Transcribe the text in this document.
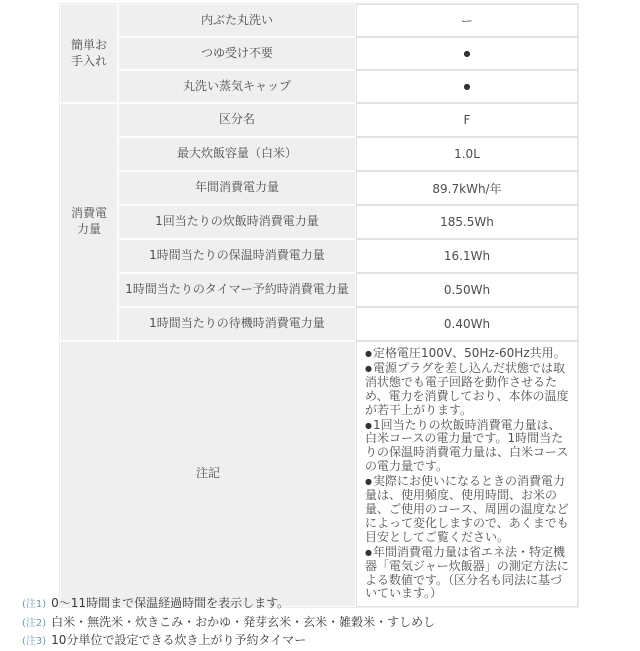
簡単お手入れ	内ぶた丸洗い	ー
	つゆ受け不要	●
	丸洗い蒸気キャップ	●
消費電力量	区分名	F
	最大炊飯容量（白米）	1.0L
	年間消費電力量	89.7kWh/年
	1回当たりの炊飯時消費電力量	185.5Wh
	1時間当たりの保温時消費電力量	16.1Wh
	1時間当たりのタイマー予約時消費電力量	0.50Wh
	1時間当たりの待機時消費電力量	0.40Wh
注記		●定格電圧100V、50Hz-60Hz共用。
●電源プラグを差し込んだ状態では取消状態でも電子回路を動作させるため、電力を消費しており、本体の温度が若干上がります。
●1回当たりの炊飯時消費電力量は、白米コースの電力量です。1時間当たりの保温時消費電力量は、白米コースの電力量です。
●実際にお使いになるときの消費電力量は、使用頻度、使用時間、お米の量、ご使用のコース、周囲の温度などによって変化しますので、あくまでも目安としてご覧ください。
●年間消費電力量は省エネ法・特定機器「電気ジャー炊飯器」の測定方法による数値です。（区分名も同法に基づいています。）
(注1) 0～11時間まで保温経過時間を表示します。
(注2) 白米・無洗米・炊きこみ・おかゆ・発芽玄米・玄米・雑穀米・すしめし
(注3) 10分単位で設定できる炊き上がり予約タイマー
